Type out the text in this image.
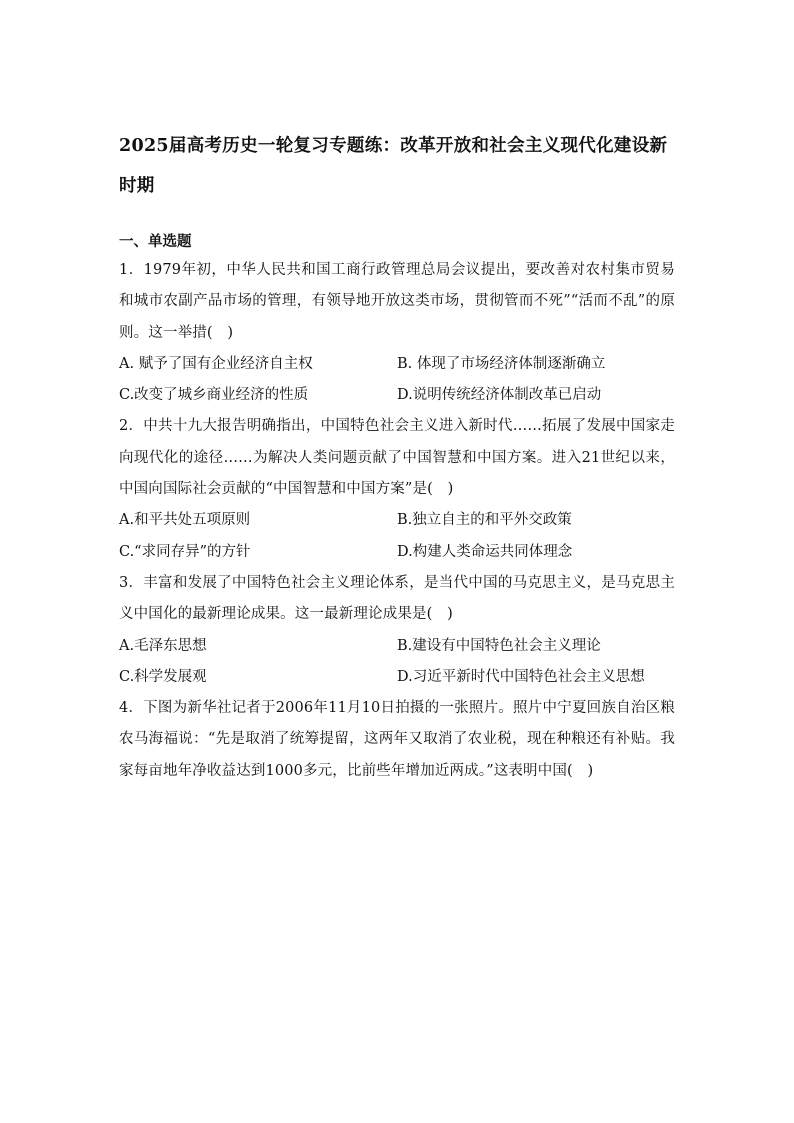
2025届高考历史一轮复习专题练：改革开放和社会主义现代化建设新时期
一、单选题

1．1979年初，中华人民共和国工商行政管理总局会议提出，要改善对农村集市贸易和城市农副产品市场的管理，有领导地开放这类市场，贯彻管而不死”“活而不乱”的原则。这一举措(　)

A. 赋予了国有企业经济自主权	B. 体现了市场经济体制逐渐确立
C.改变了城乡商业经济的性质	D.说明传统经济体制改革已启动

2．中共十九大报告明确指出，中国特色社会主义进入新时代……拓展了发展中国家走向现代化的途径……为解决人类问题贡献了中国智慧和中国方案。进入21世纪以来，中国向国际社会贡献的“中国智慧和中国方案”是(　)

A.和平共处五项原则	B.独立自主的和平外交政策
C.“求同存异”的方针	D.构建人类命运共同体理念

3．丰富和发展了中国特色社会主义理论体系，是当代中国的马克思主义，是马克思主义中国化的最新理论成果。这一最新理论成果是(　)

A.毛泽东思想	B.建设有中国特色社会主义理论
C.科学发展观	D.习近平新时代中国特色社会主义思想

4．下图为新华社记者于2006年11月10日拍摄的一张照片。照片中宁夏回族自治区粮农马海福说：“先是取消了统筹提留，这两年又取消了农业税，现在种粮还有补贴。我家每亩地年净收益达到1000多元，比前些年增加近两成。”这表明中国(　)
